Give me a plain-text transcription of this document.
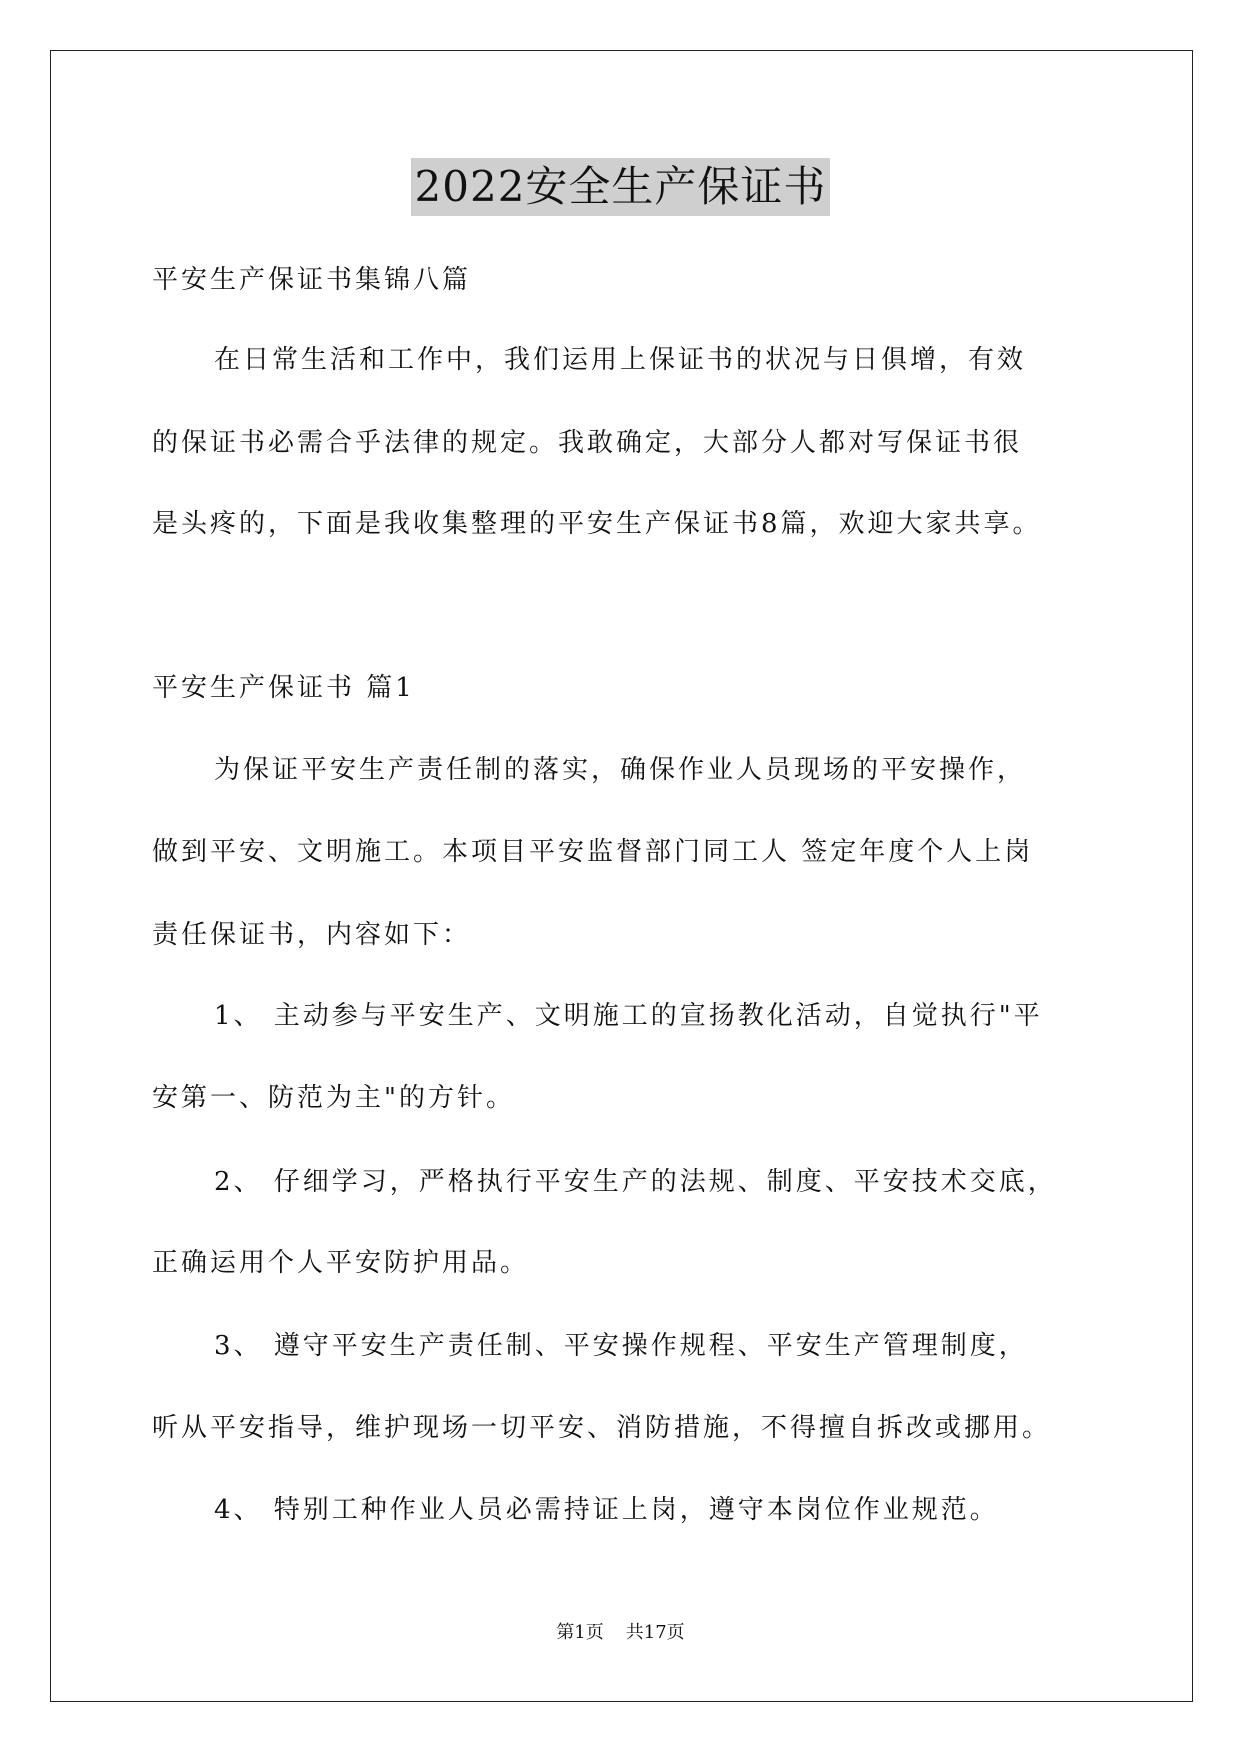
2022安全生产保证书
平安生产保证书集锦八篇
在日常生活和工作中，我们运用上保证书的状况与日俱增，有效
的保证书必需合乎法律的规定。我敢确定，大部分人都对写保证书很
是头疼的，下面是我收集整理的平安生产保证书8篇，欢迎大家共享。
平安生产保证书 篇1
为保证平安生产责任制的落实，确保作业人员现场的平安操作，
做到平安、文明施工。本项目平安监督部门同工人 签定年度个人上岗
责任保证书，内容如下：
1、 主动参与平安生产、文明施工的宣扬教化活动，自觉执行"平
安第一、防范为主"的方针。
2、 仔细学习，严格执行平安生产的法规、制度、平安技术交底，
正确运用个人平安防护用品。
3、 遵守平安生产责任制、平安操作规程、平安生产管理制度，
听从平安指导，维护现场一切平安、消防措施，不得擅自拆改或挪用。
4、 特别工种作业人员必需持证上岗，遵守本岗位作业规范。
第1页 共17页
